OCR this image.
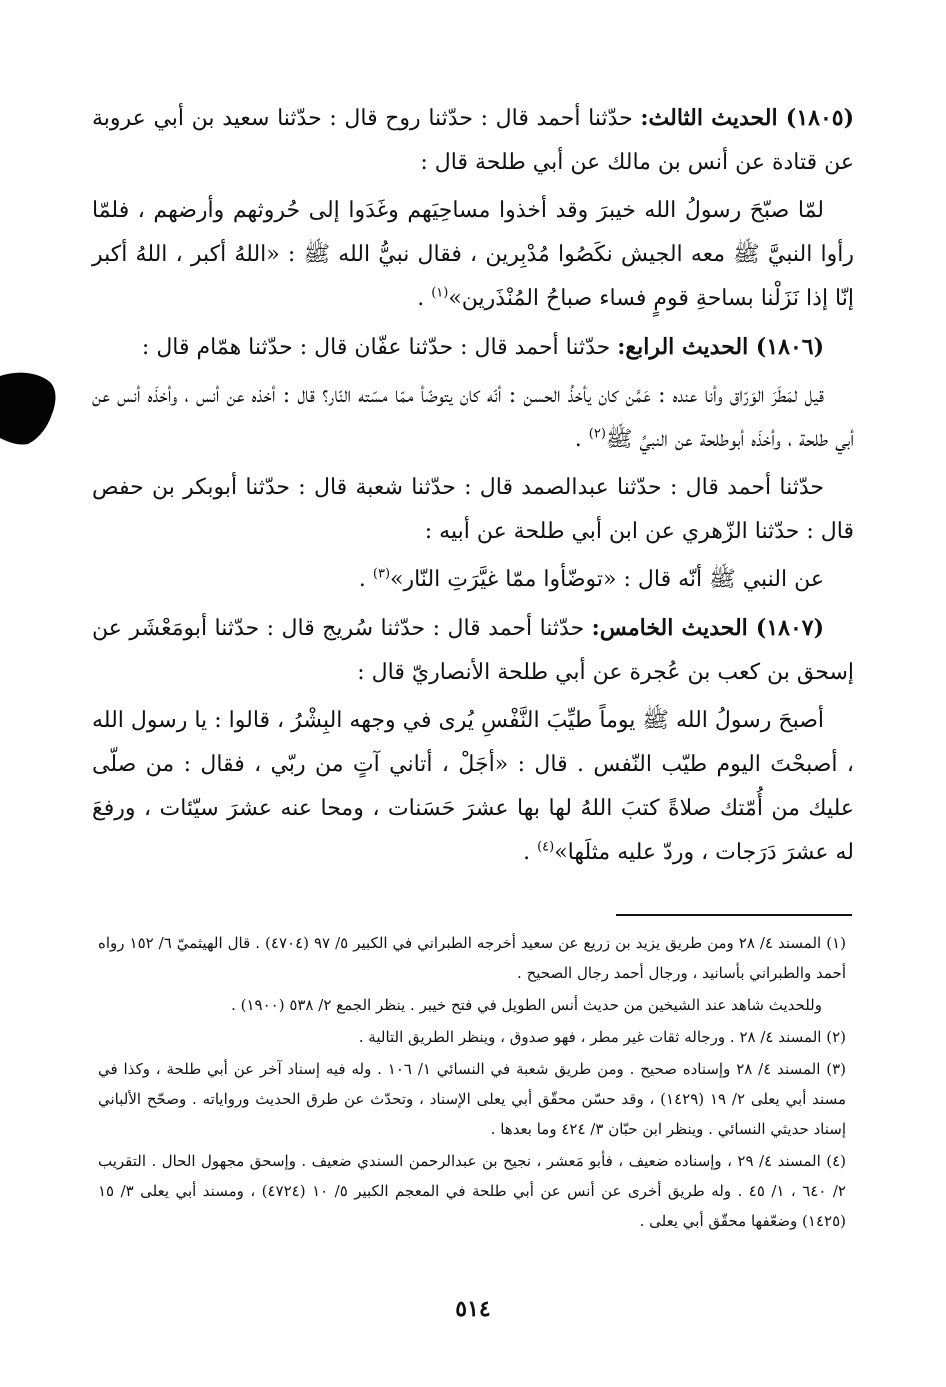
(١٨٠٥) الحديث الثالث: حدّثنا أحمد قال : حدّثنا روح قال : حدّثنا سعيد بن أبي عروبة عن قتادة عن أنس بن مالك عن أبي طلحة قال :

لمّا صبّحَ رسولُ الله خيبرَ وقد أخذوا مساحِيَهم وغَدَوا إلى حُروثهم وأرضهم ، فلمّا رأوا النبيَّ ﷺ معه الجيش نكَصُوا مُدْبِرين ، فقال نبيُّ الله ﷺ : «اللهُ أكبر ، اللهُ أكبر إنّا إذا نَزَلْنا بساحةِ قومٍ فساء صباحُ المُنْذَرين»$^{(١)}$ .

(١٨٠٦) الحديث الرابع: حدّثنا أحمد قال : حدّثنا عفّان قال : حدّثنا همّام قال :

قيل لمَطَرَ الوَرّاق وأنا عنده : عَمَّن كان يأخذُ الحسن : أنّه كان يتوضّأ ممّا مسّته النّار؟ قال : أخذه عن أنس ، وأخذَه أنس عن أبي طلحة ، وأخذَه أبوطلحة عن النبيِّ ﷺ$^{(٢)}$ .

حدّثنا أحمد قال : حدّثنا عبدالصمد قال : حدّثنا شعبة قال : حدّثنا أبوبكر بن حفص قال : حدّثنا الزّهري عن ابن أبي طلحة عن أبيه :

عن النبي ﷺ أنّه قال : «توضّأوا ممّا غيَّرَتِ النّار»$^{(٣)}$ .

(١٨٠٧) الحديث الخامس: حدّثنا أحمد قال : حدّثنا سُريج قال : حدّثنا أبومَعْشَر عن إسحق بن كعب بن عُجرة عن أبي طلحة الأنصاريّ قال :

أصبحَ رسولُ الله ﷺ يوماً طيِّبَ النَّفْسِ يُرى في وجهه البِشْرُ ، قالوا : يا رسول الله ، أصبحْتَ اليوم طيّب النّفس . قال : «أجَلْ ، أتاني آتٍ من ربّي ، فقال : من صلّى عليك من أُمّتك صلاةً كتبَ اللهُ لها بها عشرَ حَسَنات ، ومحا عنه عشرَ سيّئات ، ورفعَ له عشرَ دَرَجات ، وردّ عليه مثلَها»$^{(٤)}$ .

(١) المسند ٤/ ٢٨ ومن طريق يزيد بن زريع عن سعيد أخرجه الطبراني في الكبير ٥/ ٩٧ (٤٧٠٤) . قال الهيثميّ ٦/ ١٥٢ رواه أحمد والطبراني بأسانيد ، ورجال أحمد رجال الصحيح .

وللحديث شاهد عند الشيخين من حديث أنس الطويل في فتح خيبر . ينظر الجمع ٢/ ٥٣٨ (١٩٠٠) .

(٢) المسند ٤/ ٢٨ . ورجاله ثقات غير مطر ، فهو صدوق ، وينظر الطريق التالية .

(٣) المسند ٤/ ٢٨ وإسناده صحيح . ومن طريق شعبة في النسائي ١/ ١٠٦ . وله فيه إسناد آخر عن أبي طلحة ، وكذا في مسند أبي يعلى ٢/ ١٩ (١٤٢٩) ، وقد حسّن محقّق أبي يعلى الإسناد ، وتحدّث عن طرق الحديث ورواياته . وصحّح الألباني إسناد حديثي النسائي . وينظر ابن حبّان ٣/ ٤٢٤ وما بعدها .

(٤) المسند ٤/ ٢٩ ، وإسناده ضعيف ، فأبو مَعشر ، نجيح بن عبدالرحمن السندي ضعيف . وإسحق مجهول الحال . التقريب ٢/ ٦٤٠ ، ١/ ٤٥ . وله طريق أخرى عن أنس عن أبي طلحة في المعجم الكبير ٥/ ١٠ (٤٧٢٤) ، ومسند أبي يعلى ٣/ ١٥ (١٤٢٥) وضعّفها محقّق أبي يعلى .

٥١٤
